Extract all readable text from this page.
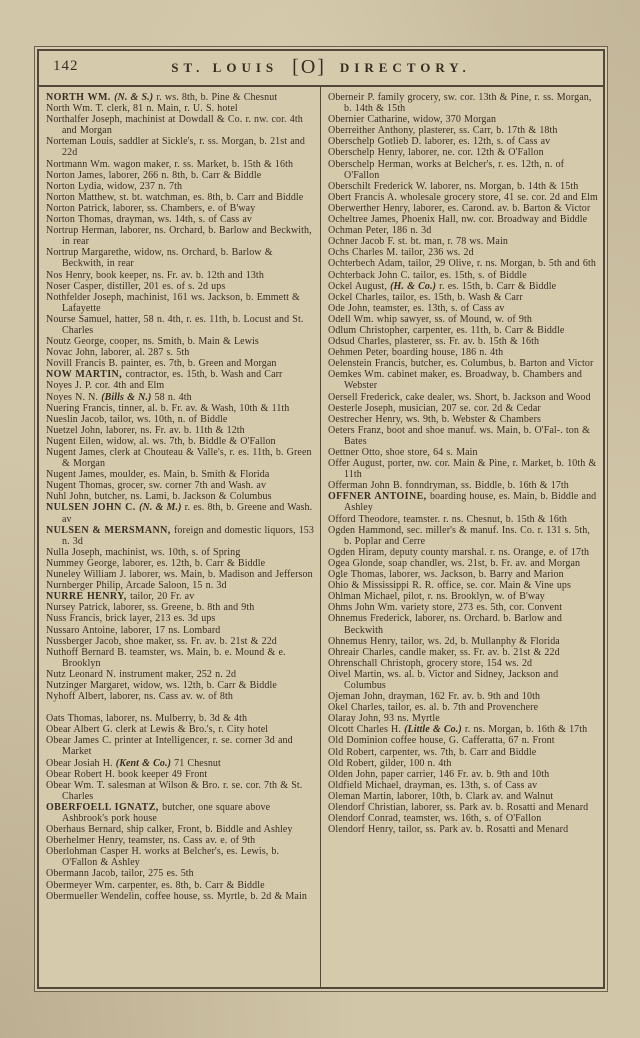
142	ST. LOUIS [O] DIRECTORY.
NORTH WM. (N. & S.) r. ws. 8th, b. Pine & Chesnut
North Wm. T. clerk, 81 n. Main, r. U. S. hotel
Northalfer Joseph, machinist at Dowdall & Co. r. nw. cor. 4th and Morgan
Norteman Louis, saddler at Sickle's, r. ss. Morgan, b. 21st and 22d
Nortmann Wm. wagon maker, r. ss. Market, b. 15th & 16th
Norton James, laborer, 266 n. 8th, b. Carr & Biddle
Norton Lydia, widow, 237 n. 7th
Norton Matthew, st. bt. watchman, es. 8th, b. Carr and Biddle
Norton Patrick, laborer, ss. Chambers, e. of B'way
Norton Thomas, drayman, ws. 14th, s. of Cass av
Nortrup Herman, laborer, ns. Orchard, b. Barlow and Beckwith, in rear
Nortrup Margarethe, widow, ns. Orchard, b. Barlow & Beckwith, in rear
Nos Henry, book keeper, ns. Fr. av. b. 12th and 13th
Noser Casper, distiller, 201 es. of s. 2d ups
Nothfelder Joseph, machinist, 161 ws. Jackson, b. Emmett & Lafayette
Nourse Samuel, hatter, 58 n. 4th, r. es. 11th, b. Locust and St. Charles
Noutz George, cooper, ns. Smith, b. Main & Lewis
Novac John, laborer, al. 287 s. 5th
Novill Francis B. painter, es. 7th, b. Green and Morgan
NOW MARTIN, contractor, es. 15th, b. Wash and Carr
Noyes J. P. cor. 4th and Elm
Noyes N. N. (Bills & N.) 58 n. 4th
Nuering Francis, tinner, al. b. Fr. av. & Wash, 10th & 11th
Nueslin Jacob, tailor, ws. 10th, n. of Biddle
Nuetzel John, laborer, ns. Fr. av. b. 11th & 12th
Nugent Eilen, widow, al. ws. 7th, b. Biddle & O'Fallon
Nugent James, clerk at Chouteau & Valle's, r. es. 11th, b. Green & Morgan
Nugent James, moulder, es. Main, b. Smith & Florida
Nugent Thomas, grocer, sw. corner 7th and Wash. av
Nuhl John, butcher, ns. Lami, b. Jackson & Columbus
NULSEN JOHN C. (N. & M.) r. es. 8th, b. Greene and Wash. av
NULSEN & MERSMANN, foreign and domestic liquors, 153 n. 3d
Nulla Joseph, machinist, ws. 10th, s. of Spring
Nummey George, laborer, es. 12th, b. Carr & Biddle
Nuneley William J. laborer, ws. Main, b. Madison and Jefferson
Nurnberger Philip, Arcade Saloon, 15 n. 3d
NURRE HENRY, tailor, 20 Fr. av
Nursey Patrick, laborer, ss. Greene, b. 8th and 9th
Nuss Francis, brick layer, 213 es. 3d ups
Nussaro Antoine, laborer, 17 ns. Lombard
Nussberger Jacob, shoe maker, ss. Fr. av. b. 21st & 22d
Nuthoff Bernard B. teamster, ws. Main, b. e. Mound & e. Brooklyn
Nutz Leonard N. instrument maker, 252 n. 2d
Nutzinger Margaret, widow, ws. 12th, b. Carr & Biddle
Nyhoff Albert, laborer, ns. Cass av. w. of 8th
Oats Thomas, laborer, ns. Mulberry, b. 3d & 4th
Obear Albert G. clerk at Lewis & Bro.'s, r. City hotel
Obear James C. printer at Intelligencer, r. se. corner 3d and Market
Obear Josiah H. (Kent & Co.) 71 Chesnut
Obear Robert H. book keeper 49 Front
Obear Wm. T. salesman at Wilson & Bro. r. se. cor. 7th & St. Charles
OBERFOELL IGNATZ, butcher, one square above Ashbrook's pork house
Oberhaus Bernard, ship calker, Front, b. Biddle and Ashley
Oberhelmer Henry, teamster, ns. Cass av. e. of 9th
Oberlohman Casper H. works at Belcher's, es. Lewis, b. O'Fallon & Ashley
Obermann Jacob, tailor, 275 es. 5th
Obermeyer Wm. carpenter, es. 8th, b. Carr & Biddle
Obermueller Wendelin, coffee house, ss. Myrtle, b. 2d & Main
Oberneir P. family grocery, sw. cor. 13th & Pine, r. ss. Morgan, b. 14th & 15th
Obernier Catharine, widow, 370 Morgan
Oberreither Anthony, plasterer, ss. Carr, b. 17th & 18th
Oberschelp Gotlieb D. laborer, es. 12th, s. of Cass av
Oberschelp Henry, laborer, ne. cor. 12th & O'Fallon
Oberschelp Herman, works at Belcher's, r. es. 12th, n. of O'Fallon
Oberschilt Frederick W. laborer, ns. Morgan, b. 14th & 15th
Obert Francis A. wholesale grocery store, 41 se. cor. 2d and Elm
Oberwerther Henry, laborer, es. Carond. av. b. Barton & Victor
Ocheltree James, Phoenix Hall, nw. cor. Broadway and Biddle
Ochman Peter, 186 n. 3d
Ochner Jacob F. st. bt. man, r. 78 ws. Main
Ochs Charles M. tailor, 236 ws. 2d
Ochterbech Adam, tailor, 29 Olive, r. ns. Morgan, b. 5th and 6th
Ochterback John C. tailor, es. 15th, s. of Biddle
Ockel August, (H. & Co.) r. es. 15th, b. Carr & Biddle
Ockel Charles, tailor, es. 15th, b. Wash & Carr
Ode John, teamster, es. 13th, s. of Cass av
Odell Wm. whip sawyer, ss. of Mound, w. of 9th
Odlum Christopher, carpenter, es. 11th, b. Carr & Biddle
Odsud Charles, plasterer, ss. Fr. av. b. 15th & 16th
Oehmen Peter, boarding house, 186 n. 4th
Oelenstein Francis, butcher, es. Columbus, b. Barton and Victor
Oemkes Wm. cabinet maker, es. Broadway, b. Chambers and Webster
Oersell Frederick, cake dealer, ws. Short, b. Jackson and Wood
Oesterle Joseph, musician, 207 se. cor. 2d & Cedar
Oestrecher Henry, ws. 9th, b. Webster & Chambers
Oeters Franz, boot and shoe manuf. ws. Main, b. O'Fal-. ton & Bates
Oettner Otto, shoe store, 64 s. Main
Offer August, porter, nw. cor. Main & Pine, r. Market, b. 10th & 11th
Offerman John B. fonndryman, ss. Biddle, b. 16th & 17th
OFFNER ANTOINE, boarding house, es. Main, b. Biddle and Ashley
Offord Theodore, teamster. r. ns. Chesnut, b. 15th & 16th
Ogden Hammond, sec. miller's & manuf. Ins. Co. r. 131 s. 5th, b. Poplar and Cerre
Ogden Hiram, deputy county marshal. r. ns. Orange, e. of 17th
Ogea Glonde, soap chandler, ws. 21st, b. Fr. av. and Morgan
Ogle Thomas, laborer, ws. Jackson, b. Barry and Marion
Ohio & Mississippi R. R. office, se. cor. Main & Vine ups
Ohlman Michael, pilot, r. ns. Brooklyn, w. of B'way
Ohms John Wm. variety store, 273 es. 5th, cor. Convent
Ohnemus Frederick, laborer, ns. Orchard. b. Barlow and Beckwith
Ohnemus Henry, tailor, ws. 2d, b. Mullanphy & Florida
Ohreair Charles, candle maker, ss. Fr. av. b. 21st & 22d
Ohrenschall Christoph, grocery store, 154 ws. 2d
Oivel Martin, ws. al. b. Victor and Sidney, Jackson and Columbus
Ojeman John, drayman, 162 Fr. av. b. 9th and 10th
Okel Charles, tailor, es. al. b. 7th and Provenchere
Olaray John, 93 ns. Myrtle
Olcott Charles H. (Little & Co.) r. ns. Morgan, b. 16th & 17th
Old Dominion coffee house, G. Cafferatta, 67 n. Front
Old Robert, carpenter, ws. 7th, b. Carr and Biddle
Old Robert, gilder, 100 n. 4th
Olden John, paper carrier, 146 Fr. av. b. 9th and 10th
Oldfield Michael, drayman, es. 13th, s. of Cass av
Oleman Martin, laborer, 10th, b. Clark av. and Walnut
Olendorf Christian, laborer, ss. Park av. b. Rosatti and Menard
Olendorf Conrad, teamster, ws. 16th, s. of O'Fallon
Olendorf Henry, tailor, ss. Park av. b. Rosatti and Menard
